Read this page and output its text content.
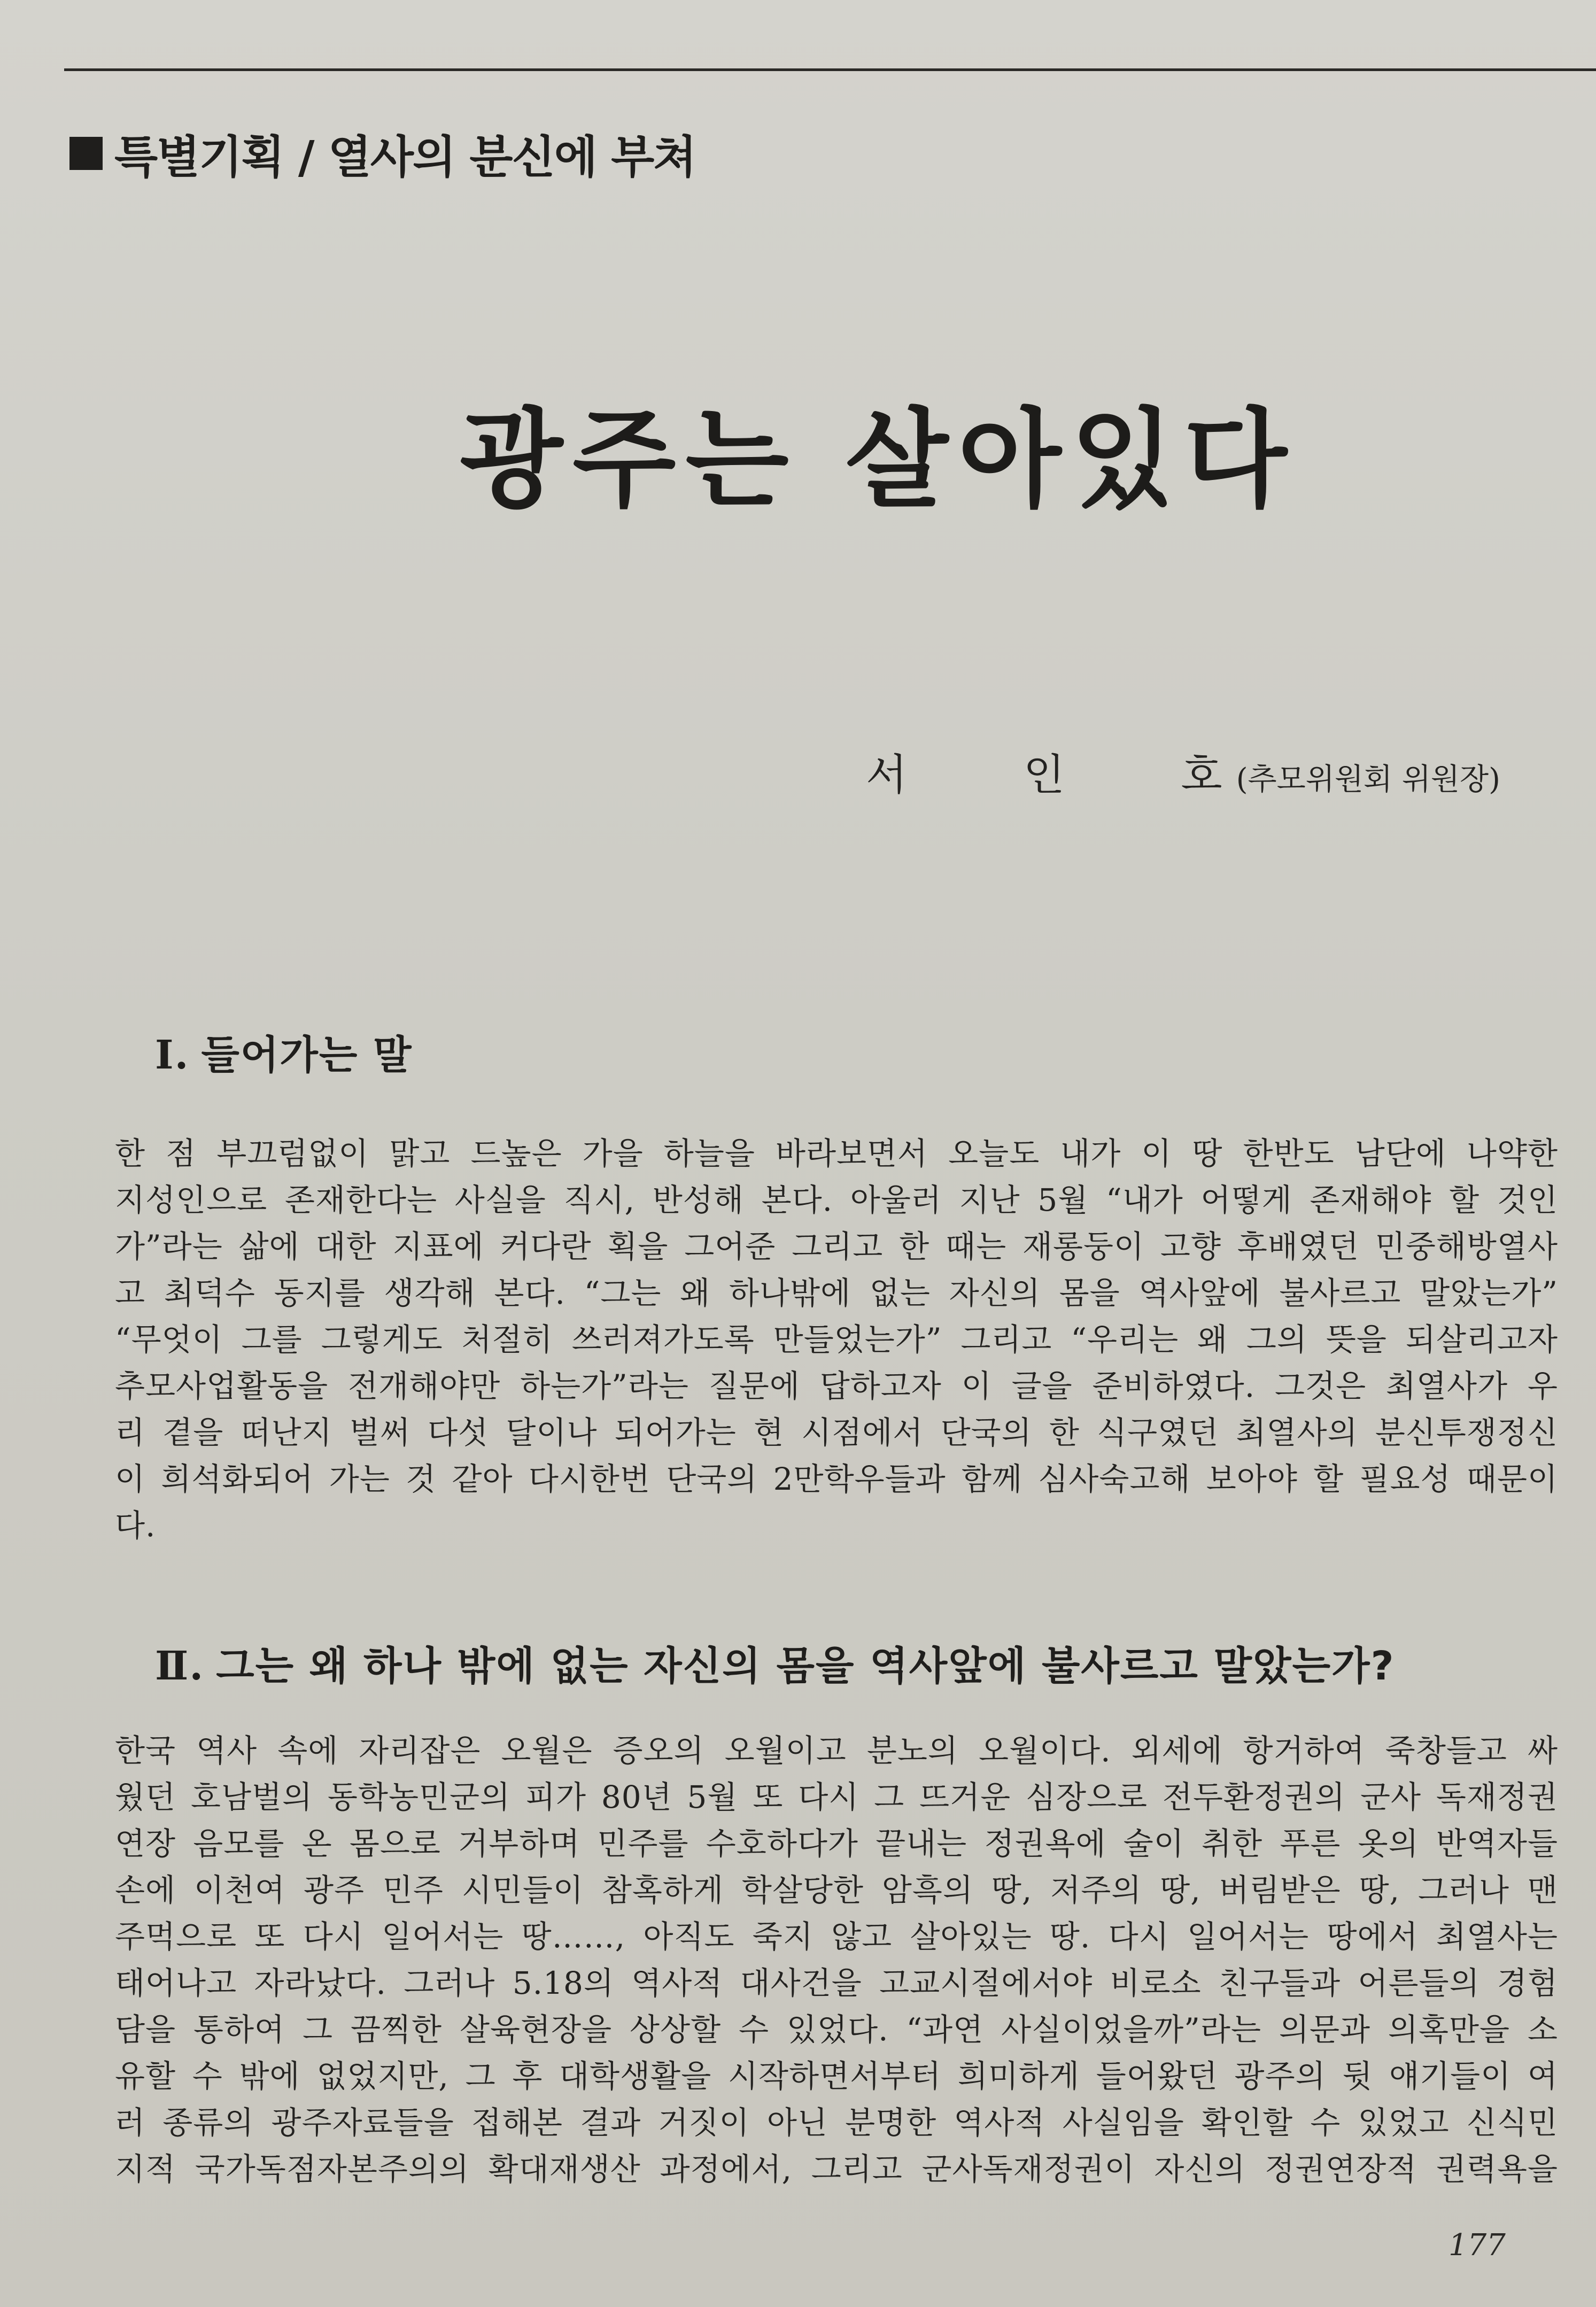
특별기획 / 열사의 분신에 부쳐
광주는 살아있다
서 인 호
(추모위원회 위원장)
Ⅰ. 들어가는 말
한 점 부끄럼없이 맑고 드높은 가을 하늘을 바라보면서 오늘도 내가 이 땅 한반도 남단에 나약한
지성인으로 존재한다는 사실을 직시, 반성해 본다. 아울러 지난 5월 “내가 어떻게 존재해야 할 것인
가”라는 삶에 대한 지표에 커다란 획을 그어준 그리고 한 때는 재롱둥이 고향 후배였던 민중해방열사
고 최덕수 동지를 생각해 본다. “그는 왜 하나밖에 없는 자신의 몸을 역사앞에 불사르고 말았는가”
“무엇이 그를 그렇게도 처절히 쓰러져가도록 만들었는가” 그리고 “우리는 왜 그의 뜻을 되살리고자
추모사업활동을 전개해야만 하는가”라는 질문에 답하고자 이 글을 준비하였다. 그것은 최열사가 우
리 곁을 떠난지 벌써 다섯 달이나 되어가는 현 시점에서 단국의 한 식구였던 최열사의 분신투쟁정신
이 희석화되어 가는 것 같아 다시한번 단국의 2만학우들과 함께 심사숙고해 보아야 할 필요성 때문이
다.
Ⅱ. 그는 왜 하나 밖에 없는 자신의 몸을 역사앞에 불사르고 말았는가?
한국 역사 속에 자리잡은 오월은 증오의 오월이고 분노의 오월이다. 외세에 항거하여 죽창들고 싸
웠던 호남벌의 동학농민군의 피가 80년 5월 또 다시 그 뜨거운 심장으로 전두환정권의 군사 독재정권
연장 음모를 온 몸으로 거부하며 민주를 수호하다가 끝내는 정권욕에 술이 취한 푸른 옷의 반역자들
손에 이천여 광주 민주 시민들이 참혹하게 학살당한 암흑의 땅, 저주의 땅, 버림받은 땅, 그러나 맨
주먹으로 또 다시 일어서는 땅……, 아직도 죽지 않고 살아있는 땅. 다시 일어서는 땅에서 최열사는
태어나고 자라났다. 그러나 5.18의 역사적 대사건을 고교시절에서야 비로소 친구들과 어른들의 경험
담을 통하여 그 끔찍한 살육현장을 상상할 수 있었다. “과연 사실이었을까”라는 의문과 의혹만을 소
유할 수 밖에 없었지만, 그 후 대학생활을 시작하면서부터 희미하게 들어왔던 광주의 뒷 얘기들이 여
러 종류의 광주자료들을 접해본 결과 거짓이 아닌 분명한 역사적 사실임을 확인할 수 있었고 신식민
지적 국가독점자본주의의 확대재생산 과정에서, 그리고 군사독재정권이 자신의 정권연장적 권력욕을
177
